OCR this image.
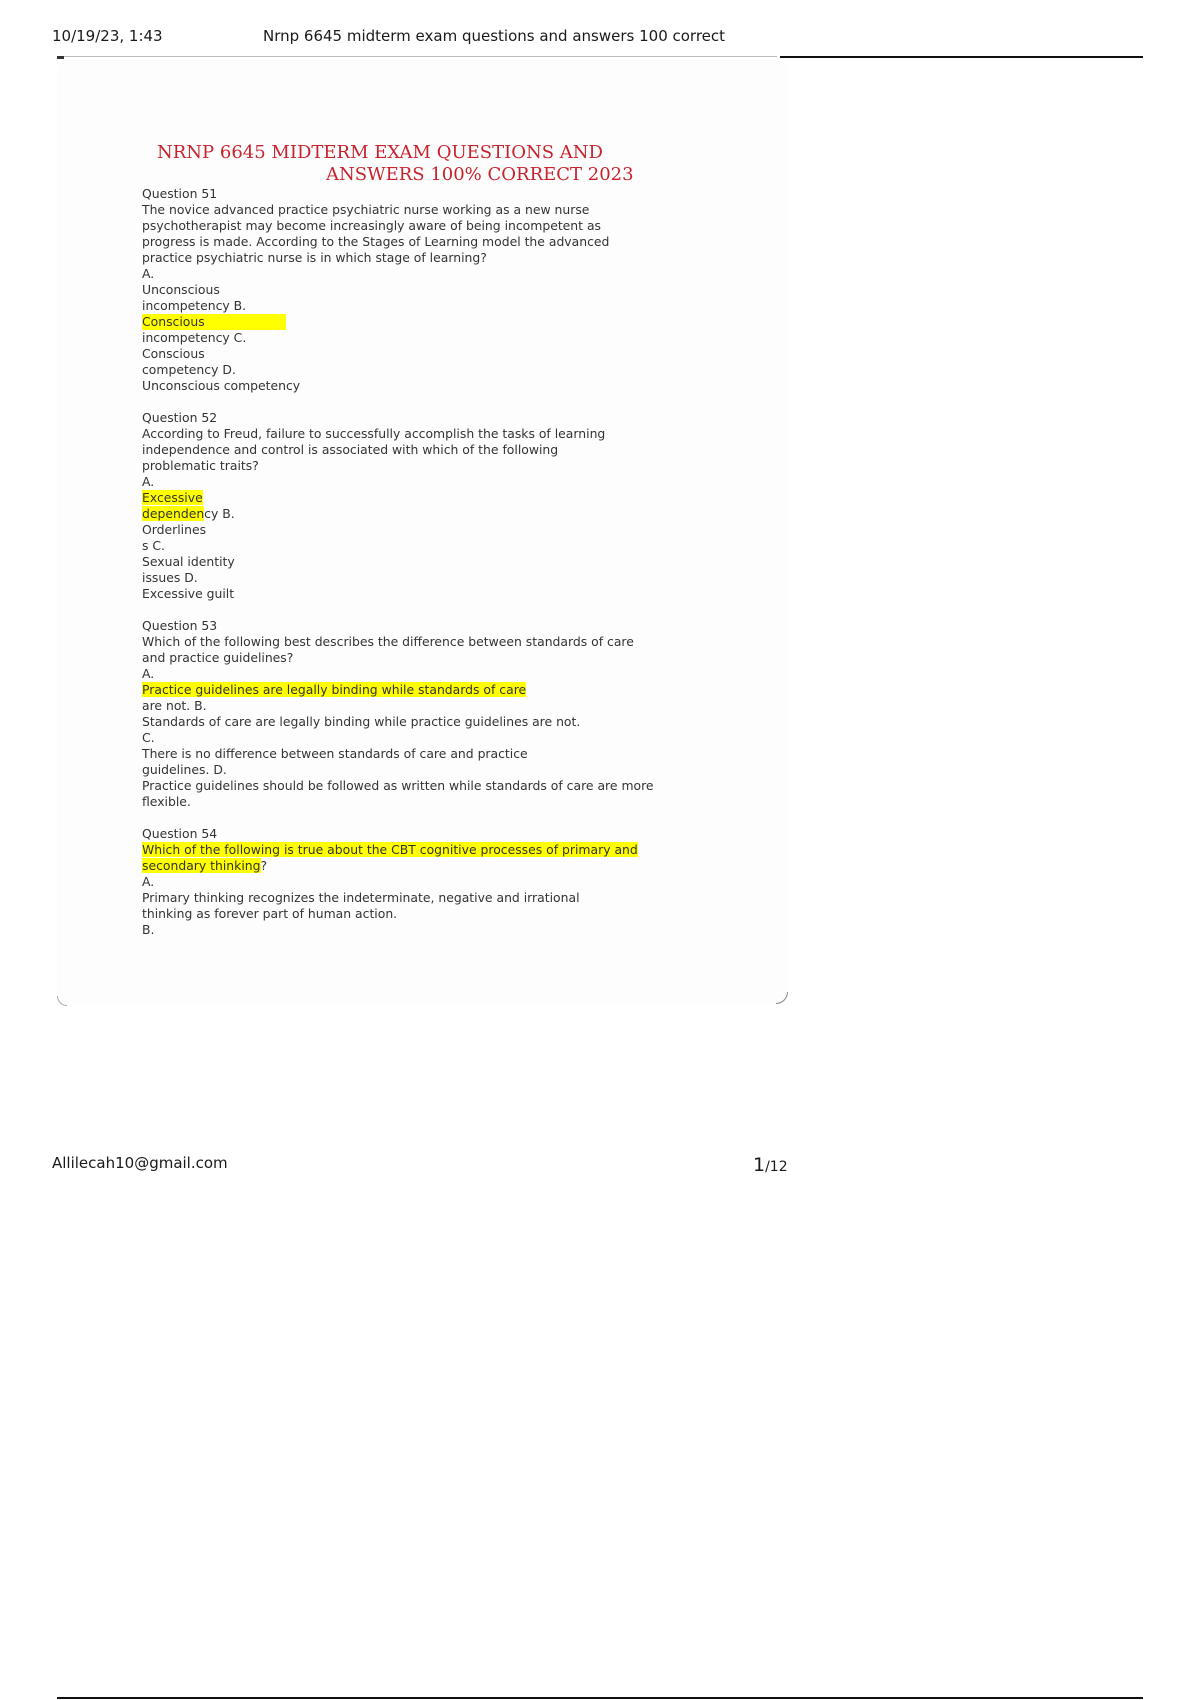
10/19/23, 1:43	Nrnp 6645 midterm exam questions and answers 100 correct
NRNP 6645 MIDTERM EXAM QUESTIONS AND
ANSWERS 100% CORRECT 2023
Question 51
The novice advanced practice psychiatric nurse working as a new nurse
psychotherapist may become increasingly aware of being incompetent as
progress is made. According to the Stages of Learning model the advanced
practice psychiatric nurse is in which stage of learning?
A.
Unconscious
incompetency B.
Conscious
incompetency C.
Conscious
competency D.
Unconscious competency
Question 52
According to Freud, failure to successfully accomplish the tasks of learning
independence and control is associated with which of the following
problematic traits?
A.
Excessive
dependency B.
Orderlines
s C.
Sexual identity
issues D.
Excessive guilt
Question 53
Which of the following best describes the difference between standards of care
and practice guidelines?
A.
Practice guidelines are legally binding while standards of care
are not. B.
Standards of care are legally binding while practice guidelines are not.
C.
There is no difference between standards of care and practice
guidelines. D.
Practice guidelines should be followed as written while standards of care are more
flexible.
Question 54
Which of the following is true about the CBT cognitive processes of primary and
secondary thinking?
A.
Primary thinking recognizes the indeterminate, negative and irrational
thinking as forever part of human action.
B.
Allilecah10@gmail.com	1/12
